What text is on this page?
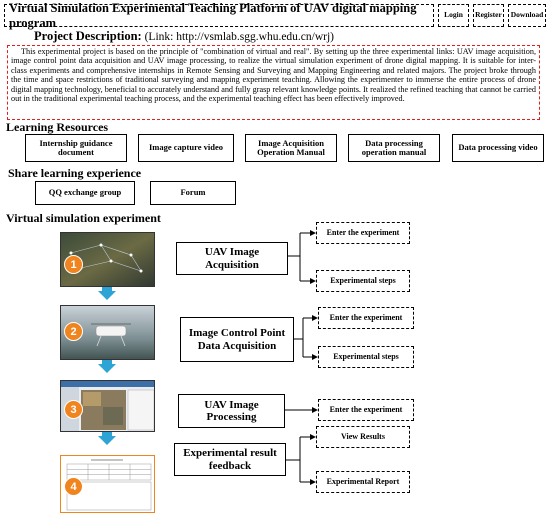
Virtual Simulation Experimental Teaching Platform of UAV digital mapping program
Login	Register	Download
Project Description: (Link: http://vsmlab.sgg.whu.edu.cn/wrj)
This experimental project is based on the principle of "combination of virtual and real". By setting up the three experimental links: UAV image acquisition, image control point data acquisition and UAV image processing, to realize the virtual simulation experiment of drone digital mapping. It is suitable for inter-class experiments and comprehensive internships in Remote Sensing and Surveying and Mapping Engineering and related majors. The project broke through the time and space restrictions of traditional surveying and mapping experiment teaching. Allowing the experimenter to immerse the entire process of drone digital mapping technology, beneficial to accurately understand and fully grasp relevant knowledge points. It realized the refined teaching that cannot be carried out in the traditional experimental teaching process, and the experimental teaching effect has been effectively improved.
Learning Resources
Internship guidance document	Image capture video	Image Acquisition Operation Manual
Data processing operation manual	Data processing video
Share learning experience
QQ exchange group	Forum
Virtual simulation experiment
1
UAV Image Acquisition
Enter the experiment
Experimental steps
2	Image Control Point Data Acquisition
Enter the experiment
Experimental steps
3	UAV Image Processing
Enter the experiment
4
Experimental result feedback
View Results
Experimental Report
